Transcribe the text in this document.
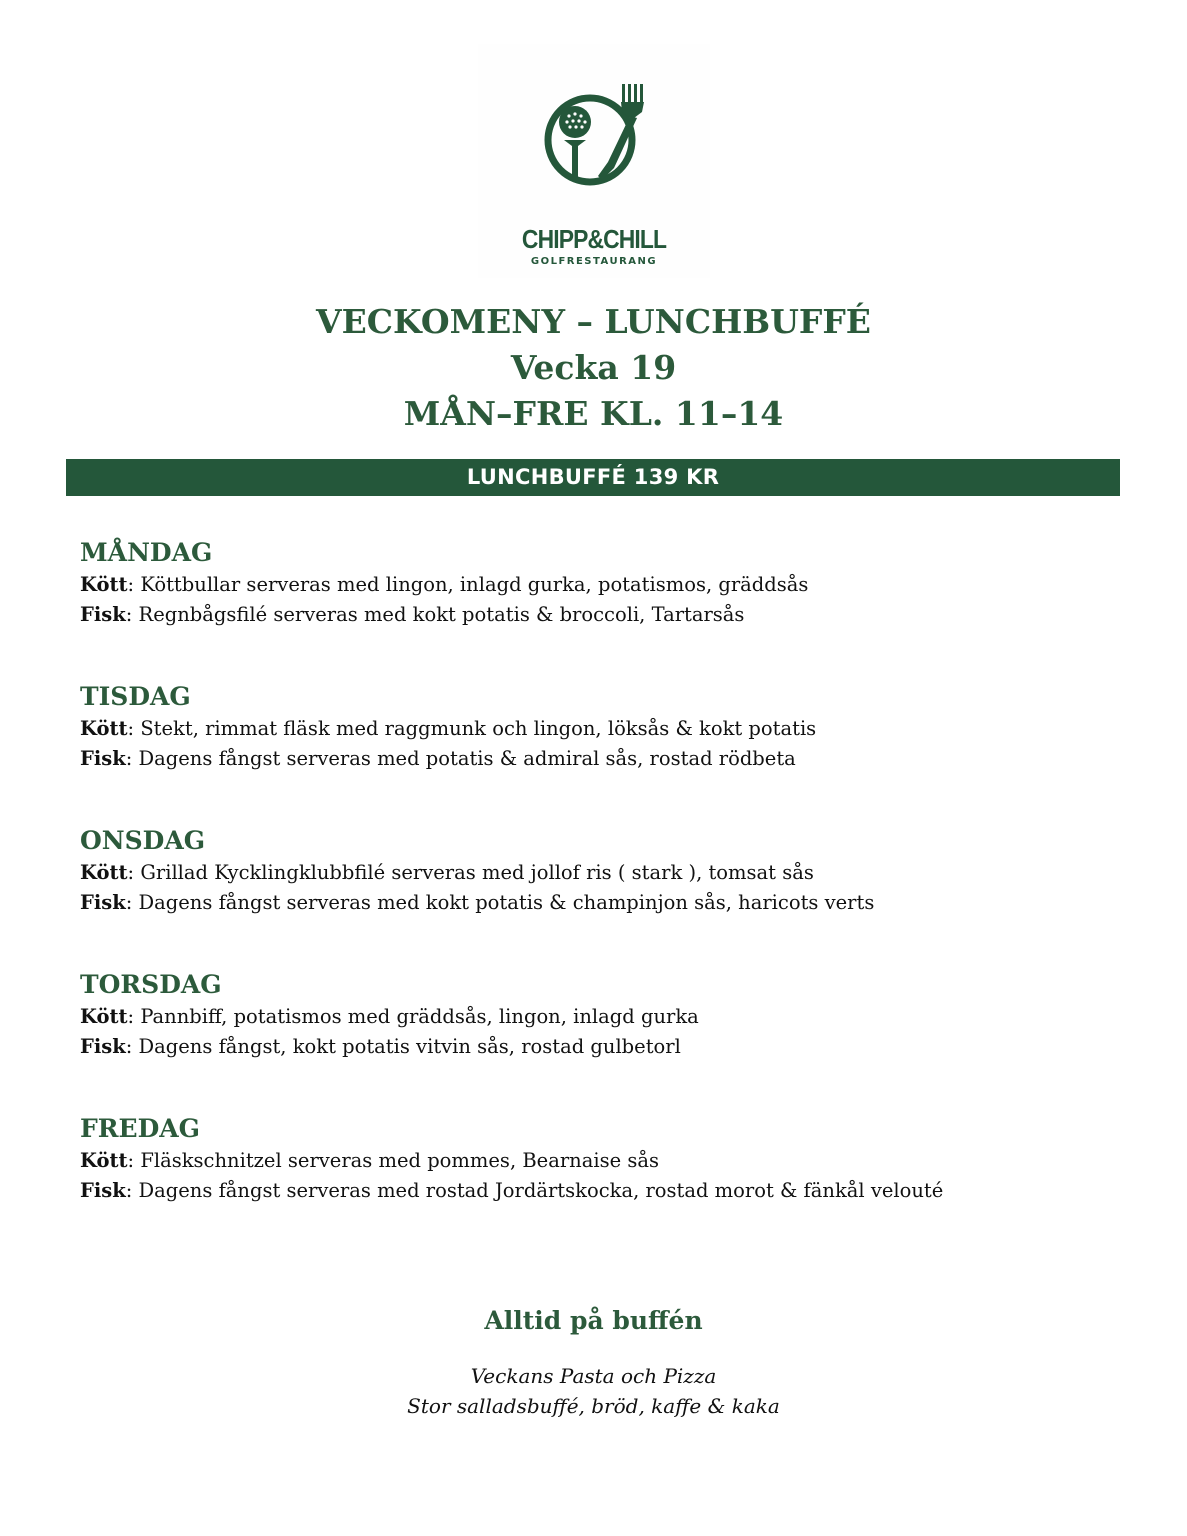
CHIPP&CHILL
GOLFRESTAURANG
VECKOMENY – LUNCHBUFFÉ
Vecka 19
MÅN–FRE KL. 11–14
LUNCHBUFFÉ 139 KR
MÅNDAG

Kött: Köttbullar serveras med lingon, inlagd gurka, potatismos, gräddsås

Fisk: Regnbågsfilé serveras med kokt potatis & broccoli, Tartarsås

TISDAG

Kött: Stekt, rimmat fläsk med raggmunk och lingon, löksås & kokt potatis

Fisk: Dagens fångst serveras med potatis & admiral sås, rostad rödbeta

ONSDAG

Kött: Grillad Kycklingklubbfilé serveras med jollof ris ( stark ), tomsat sås

Fisk: Dagens fångst serveras med kokt potatis & champinjon sås, haricots verts

TORSDAG

Kött: Pannbiff, potatismos med gräddsås, lingon, inlagd gurka

Fisk: Dagens fångst, kokt potatis vitvin sås, rostad gulbetorl

FREDAG

Kött: Fläskschnitzel serveras med pommes, Bearnaise sås

Fisk: Dagens fångst serveras med rostad Jordärtskocka, rostad morot & fänkål velouté

Alltid på buffén
Veckans Pasta och Pizza
Stor salladsbuffé, bröd, kaffe & kaka
